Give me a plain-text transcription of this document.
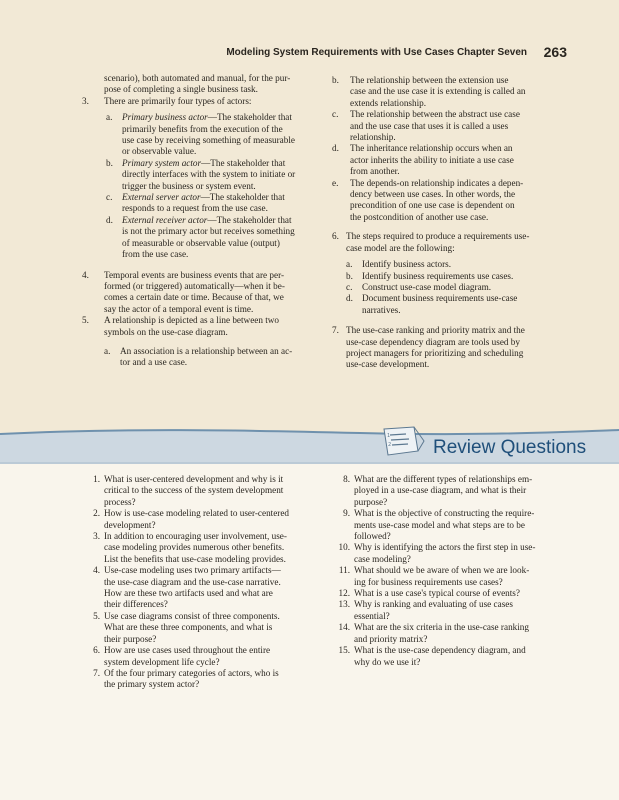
Modeling System Requirements with Use Cases Chapter Seven 263

scenario), both automated and manual, for the pur-

pose of completing a single business task.

3. There are primarily four types of actors:

a. Primary business actor—The stakeholder that

primarily benefits from the execution of the

use case by receiving something of measurable

or observable value.

b. Primary system actor—The stakeholder that

directly interfaces with the system to initiate or

trigger the business or system event.

c. External server actor—The stakeholder that

responds to a request from the use case.

d. External receiver actor—The stakeholder that

is not the primary actor but receives something

of measurable or observable value (output)

from the use case.

4. Temporal events are business events that are per-

formed (or triggered) automatically—when it be-

comes a certain date or time. Because of that, we

say the actor of a temporal event is time.

5. A relationship is depicted as a line between two

symbols on the use-case diagram.

a. An association is a relationship between an ac-

tor and a use case.

b. The relationship between the extension use

case and the use case it is extending is called an

extends relationship.

c. The relationship between the abstract use case

and the use case that uses it is called a uses

relationship.

d. The inheritance relationship occurs when an

actor inherits the ability to initiate a use case

from another.

e. The depends-on relationship indicates a depen-

dency between use cases. In other words, the

precondition of one use case is dependent on

the postcondition of another use case.

6. The steps required to produce a requirements use-

case model are the following:

a. Identify business actors.

b. Identify business requirements use cases.

c. Construct use-case model diagram.

d. Document business requirements use-case

narratives.

7. The use-case ranking and priority matrix and the

use-case dependency diagram are tools used by

project managers for prioritizing and scheduling

use-case development.

1
2 Review Questions
1. What is user-centered development and why is it

critical to the success of the system development

process?

2. How is use-case modeling related to user-centered

development?

3. In addition to encouraging user involvement, use-

case modeling provides numerous other benefits.

List the benefits that use-case modeling provides.

4. Use-case modeling uses two primary artifacts—

the use-case diagram and the use-case narrative.

How are these two artifacts used and what are

their differences?

5. Use case diagrams consist of three components.

What are these three components, and what is

their purpose?

6. How are use cases used throughout the entire

system development life cycle?

7. Of the four primary categories of actors, who is

the primary system actor?

8. What are the different types of relationships em-

ployed in a use-case diagram, and what is their

purpose?

9. What is the objective of constructing the require-

ments use-case model and what steps are to be

followed?

10. Why is identifying the actors the first step in use-

case modeling?

11. What should we be aware of when we are look-

ing for business requirements use cases?

12. What is a use case's typical course of events?

13. Why is ranking and evaluating of use cases

essential?

14. What are the six criteria in the use-case ranking

and priority matrix?

15. What is the use-case dependency diagram, and

why do we use it?
